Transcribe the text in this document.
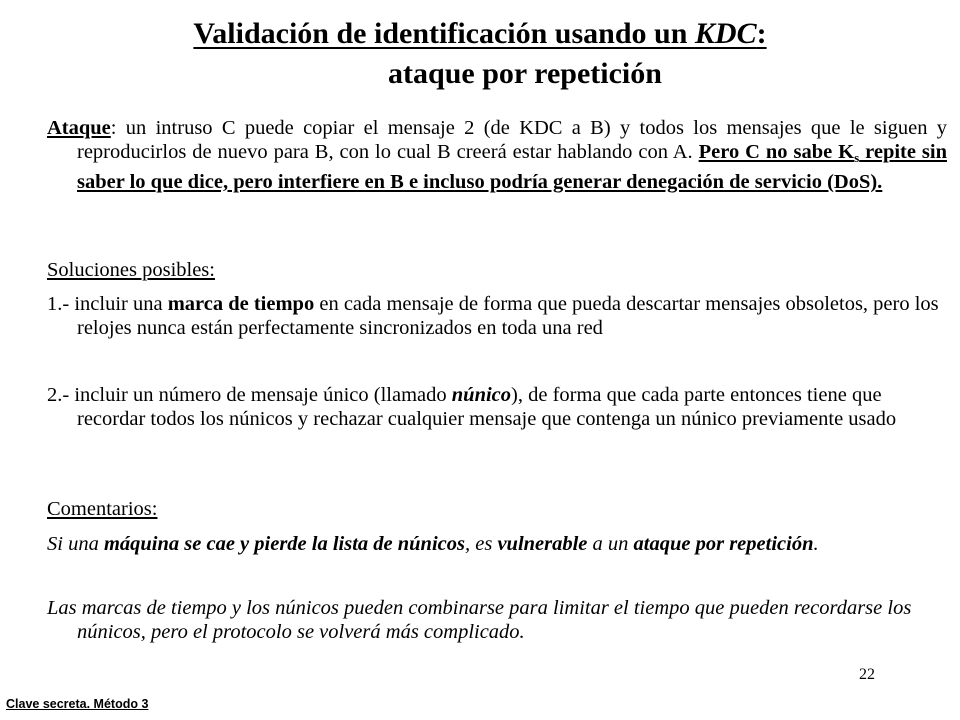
Validación de identificación usando un KDC:
ataque por repetición
Ataque: un intruso C puede copiar el mensaje 2 (de KDC a B) y todos los mensajes que le siguen y reproducirlos de nuevo para B, con lo cual B creerá estar hablando con A. Pero C no sabe $K_s$ repite sin saber lo que dice, pero interfiere en B e incluso podría generar denegación de servicio (DoS).
Soluciones posibles:
1.- incluir una marca de tiempo en cada mensaje de forma que pueda descartar mensajes obsoletos, pero los relojes nunca están perfectamente sincronizados en toda una red
2.- incluir un número de mensaje único (llamado núnico), de forma que cada parte entonces tiene que recordar todos los núnicos y rechazar cualquier mensaje que contenga un núnico previamente usado
Comentarios:
Si una máquina se cae y pierde la lista de núnicos, es vulnerable a un ataque por repetición.
Las marcas de tiempo y los núnicos pueden combinarse para limitar el tiempo que pueden recordarse los núnicos, pero el protocolo se volverá más complicado.
22
Clave secreta. Método 3
